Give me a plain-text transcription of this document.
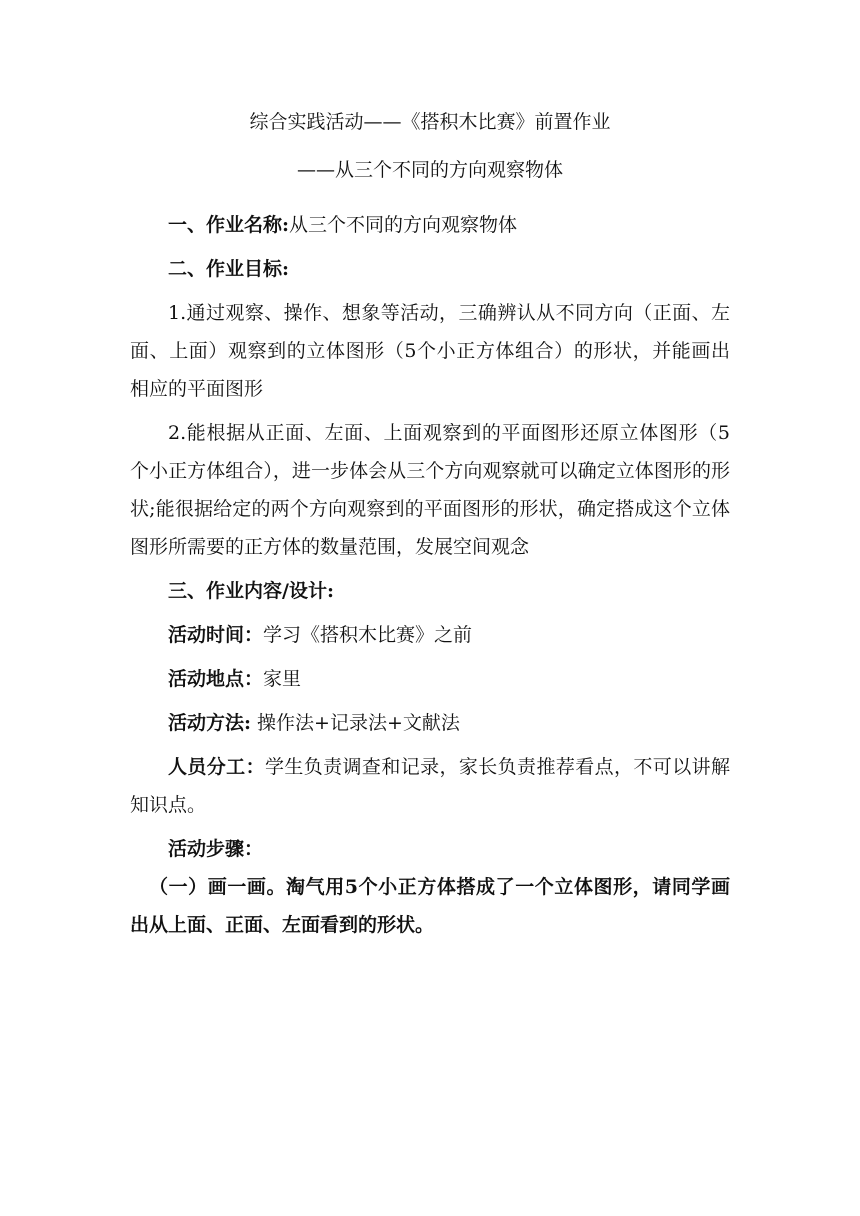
综合实践活动——《搭积木比赛》前置作业

——从三个不同的方向观察物体

一、作业名称:从三个不同的方向观察物体

二、作业目标:

1.通过观察、操作、想象等活动，三确辨认从不同方向（正面、左面、上面）观察到的立体图形（5个小正方体组合）的形状，并能画出相应的平面图形

2.能根据从正面、左面、上面观察到的平面图形还原立体图形（5个小正方体组合），进一步体会从三个方向观察就可以确定立体图形的形状;能很据给定的两个方向观察到的平面图形的形状，确定搭成这个立体图形所需要的正方体的数量范围，发展空间观念

三、作业内容/设计:

活动时间：学习《搭积木比赛》之前

活动地点：家里

活动方法: 操作法+记录法+文献法

人员分工：学生负责调查和记录，家长负责推荐看点，不可以讲解知识点。

活动步骤：

（一）画一画。淘气用5个小正方体搭成了一个立体图形，请同学画出从上面、正面、左面看到的形状。
